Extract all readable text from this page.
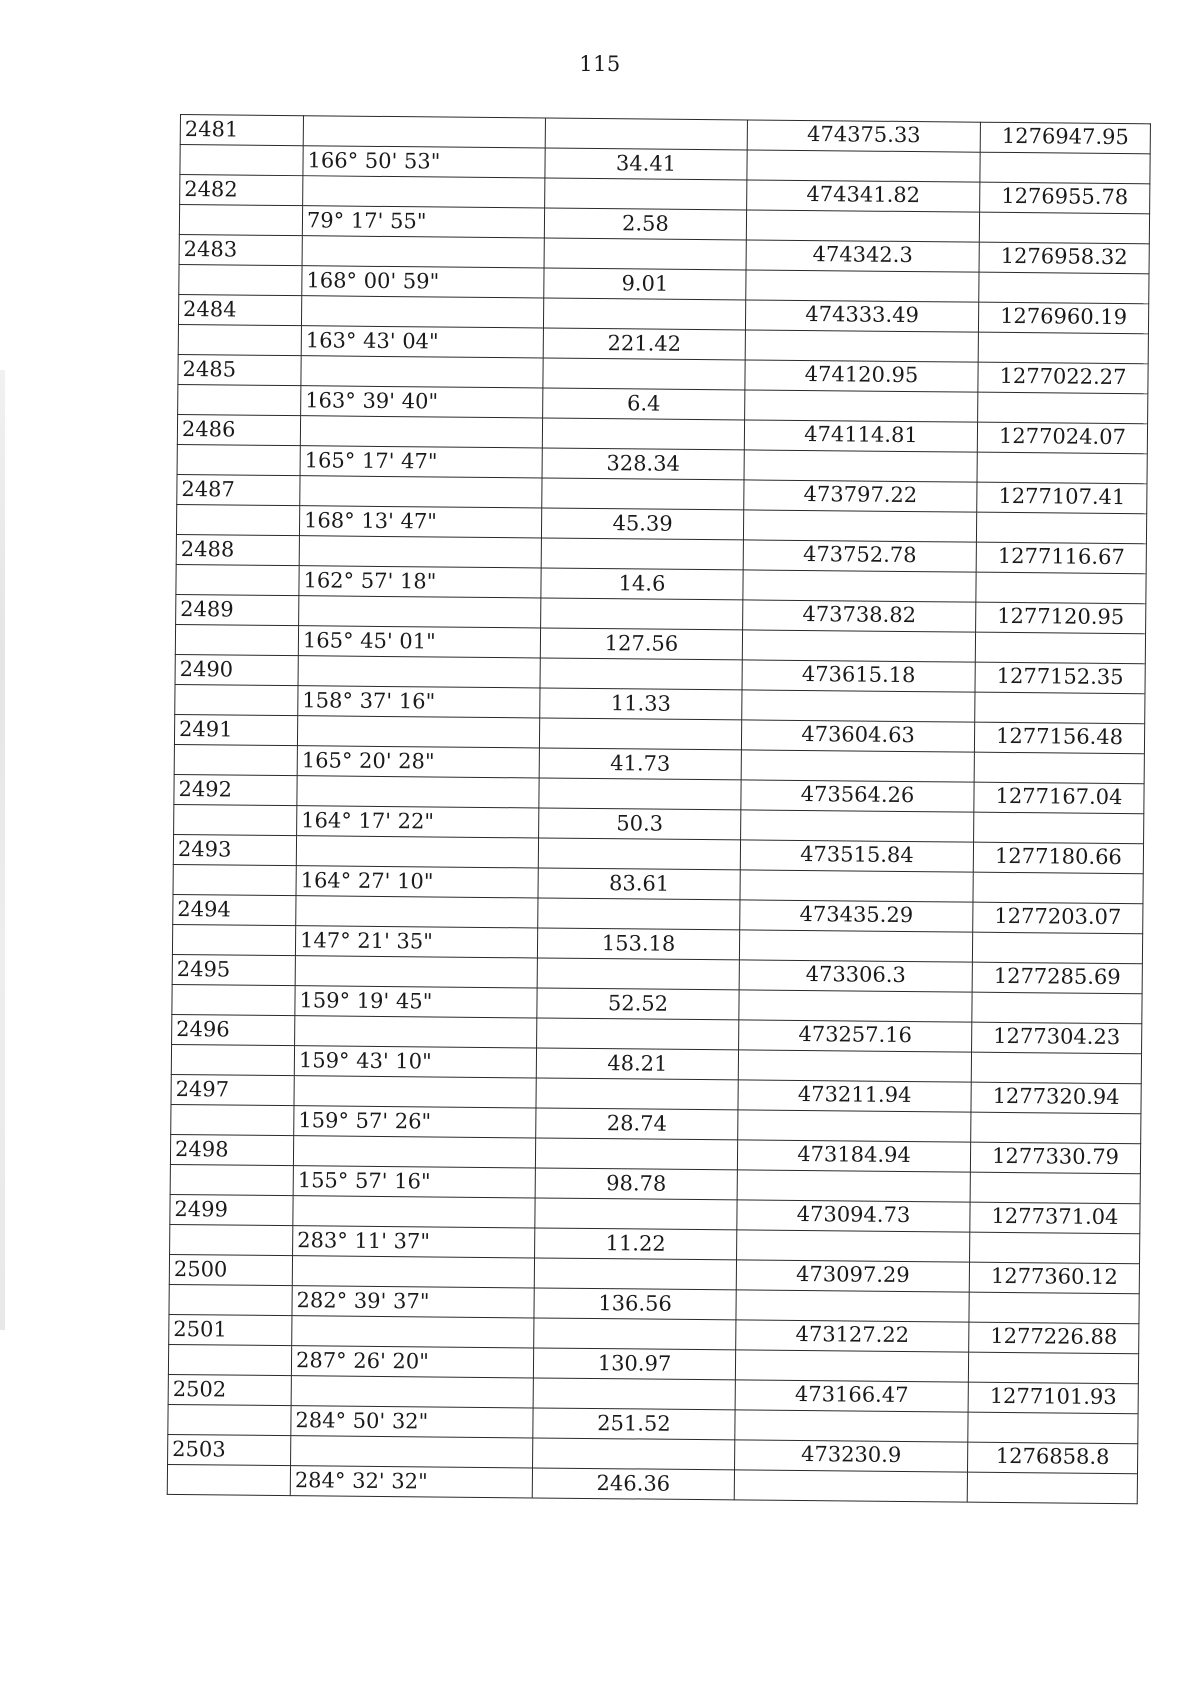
115
2481			474375.33	1276947.95
	166° 50' 53"	34.41		
2482			474341.82	1276955.78
	79° 17' 55"	2.58		
2483			474342.3	1276958.32
	168° 00' 59"	9.01		
2484			474333.49	1276960.19
	163° 43' 04"	221.42		
2485			474120.95	1277022.27
	163° 39' 40"	6.4		
2486			474114.81	1277024.07
	165° 17' 47"	328.34		
2487			473797.22	1277107.41
	168° 13' 47"	45.39		
2488			473752.78	1277116.67
	162° 57' 18"	14.6		
2489			473738.82	1277120.95
	165° 45' 01"	127.56		
2490			473615.18	1277152.35
	158° 37' 16"	11.33		
2491			473604.63	1277156.48
	165° 20' 28"	41.73		
2492			473564.26	1277167.04
	164° 17' 22"	50.3		
2493			473515.84	1277180.66
	164° 27' 10"	83.61		
2494			473435.29	1277203.07
	147° 21' 35"	153.18		
2495			473306.3	1277285.69
	159° 19' 45"	52.52		
2496			473257.16	1277304.23
	159° 43' 10"	48.21		
2497			473211.94	1277320.94
	159° 57' 26"	28.74		
2498			473184.94	1277330.79
	155° 57' 16"	98.78		
2499			473094.73	1277371.04
	283° 11' 37"	11.22		
2500			473097.29	1277360.12
	282° 39' 37"	136.56		
2501			473127.22	1277226.88
	287° 26' 20"	130.97		
2502			473166.47	1277101.93
	284° 50' 32"	251.52		
2503			473230.9	1276858.8
	284° 32' 32"	246.36		
